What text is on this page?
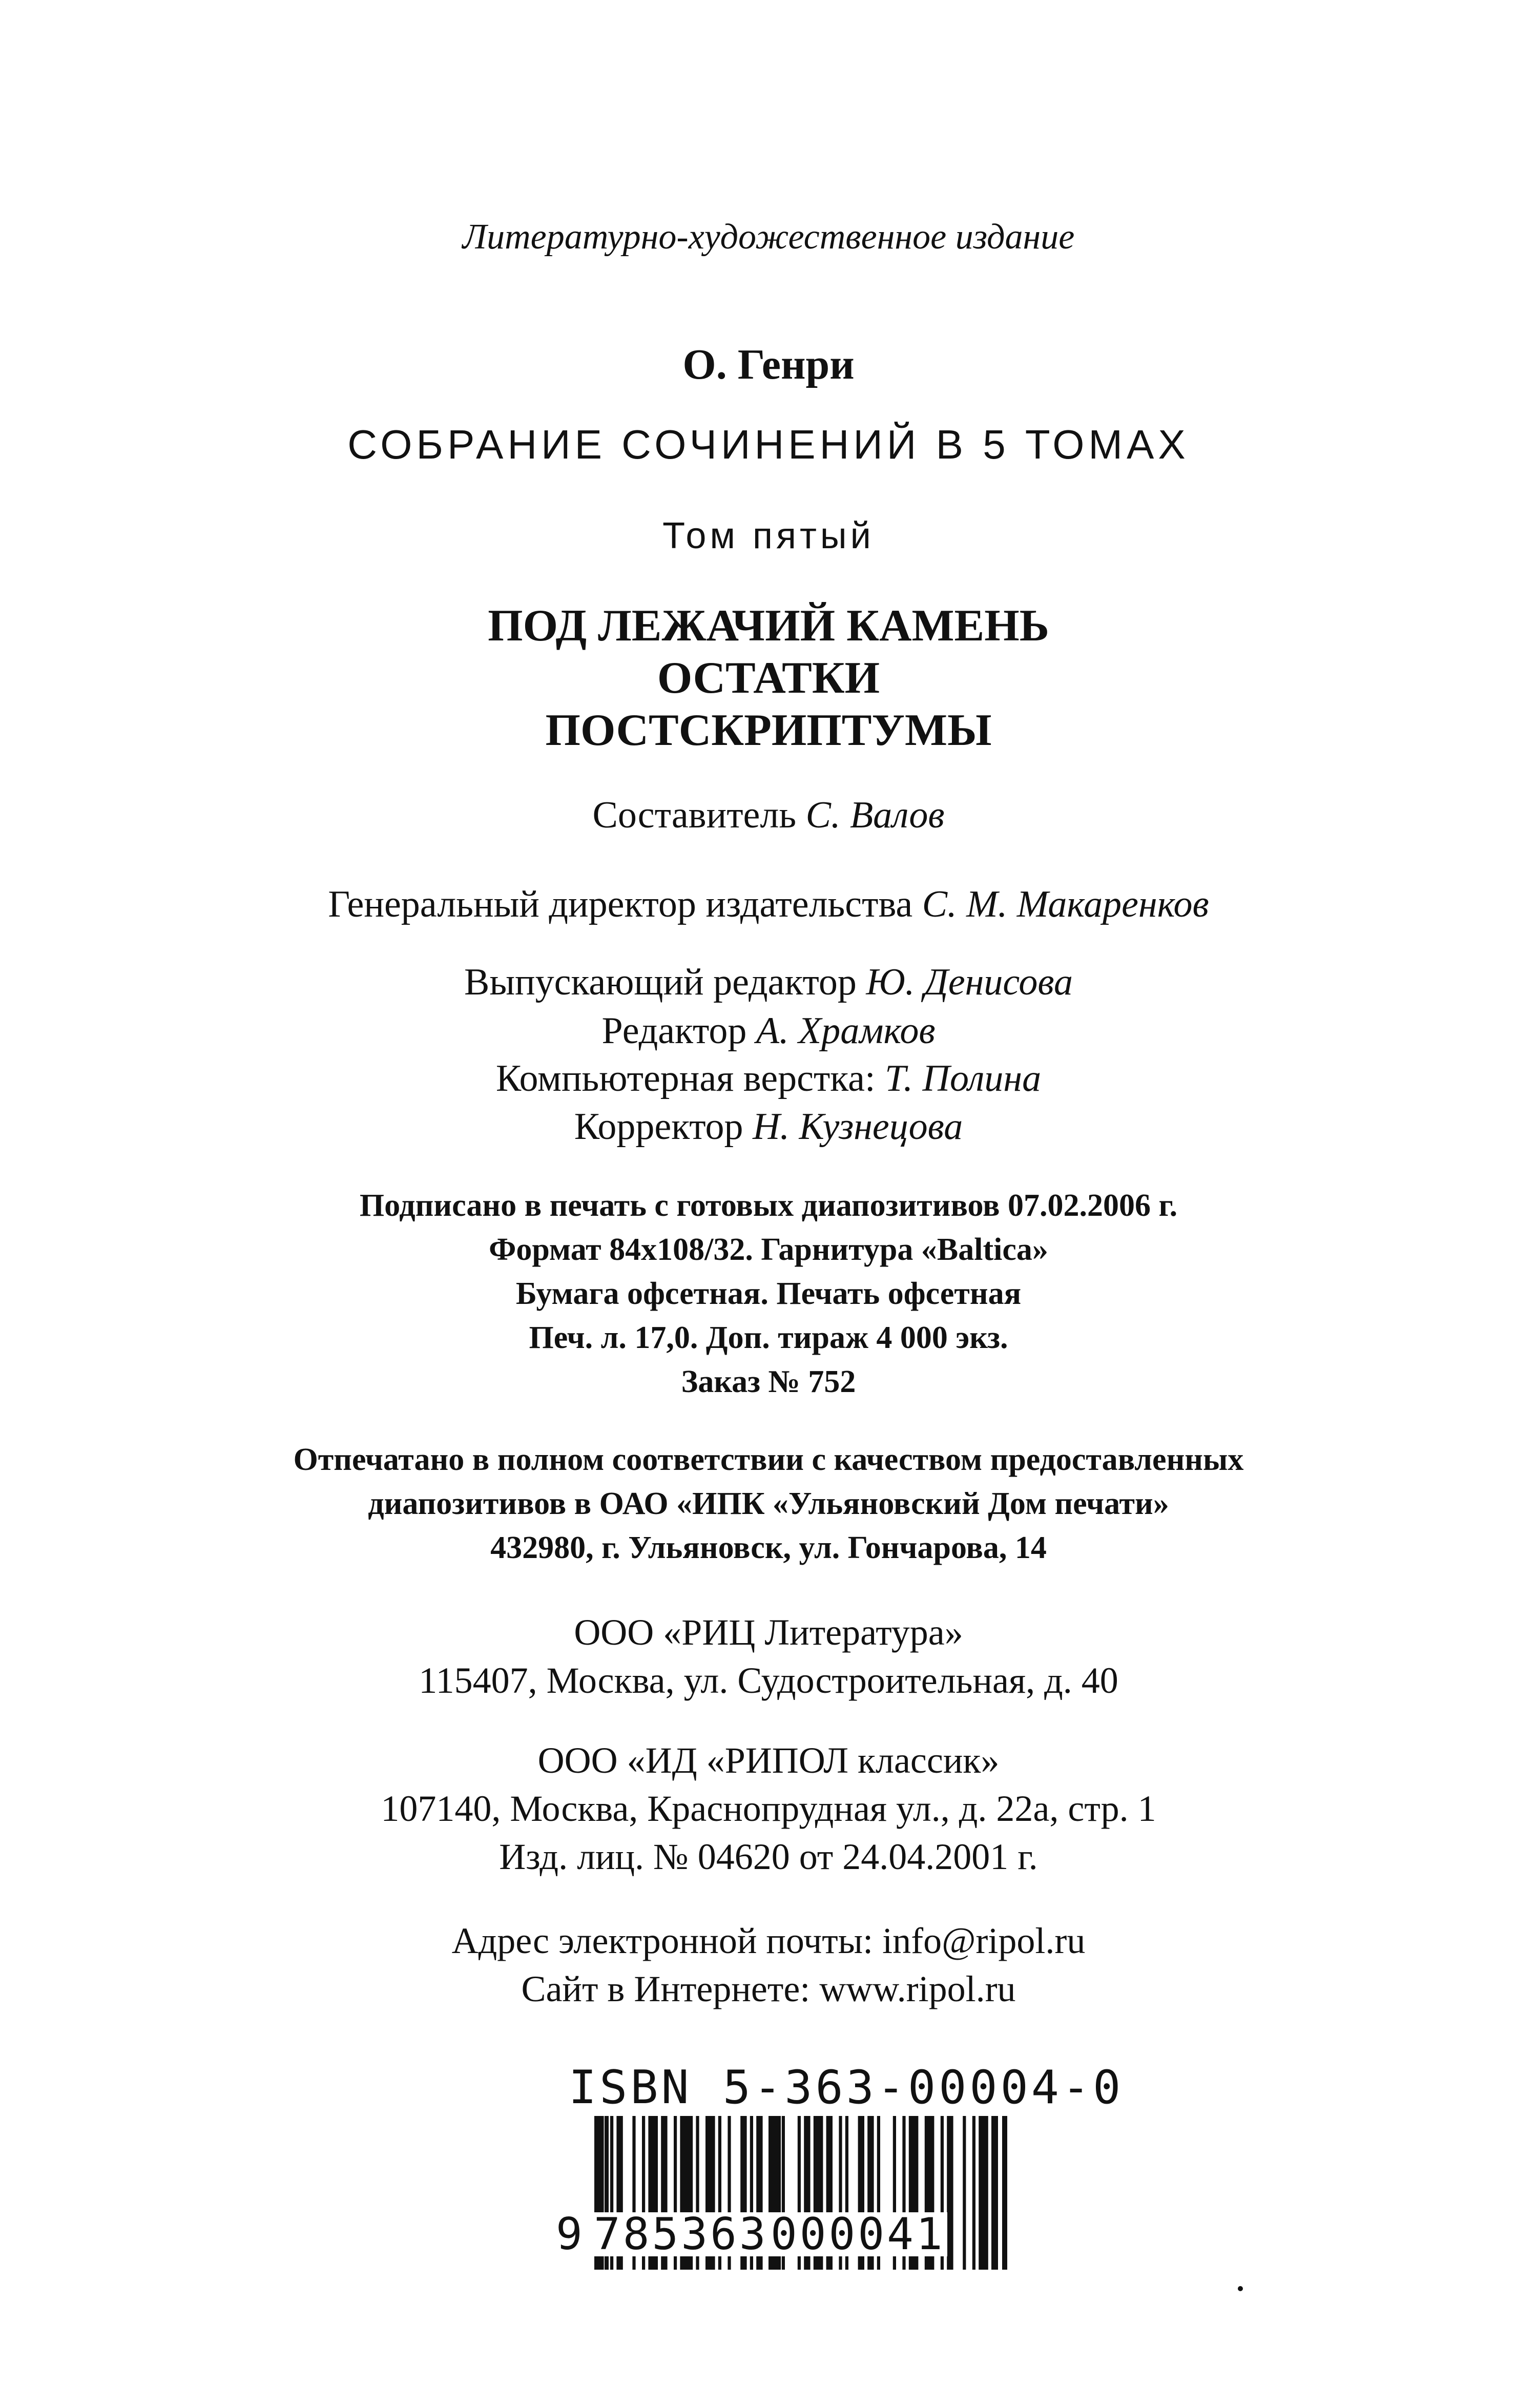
Литературно-художественное издание
О. Генри
СОБРАНИЕ СОЧИНЕНИЙ В 5 ТОМАХ
Том пятый
ПОД ЛЕЖАЧИЙ КАМЕНЬ
ОСТАТКИ
ПОСТСКРИПТУМЫ
Составитель С. Валов
Генеральный директор издательства С. М. Макаренков
Выпускающий редактор Ю. Денисова
Редактор А. Храмков
Компьютерная верстка: Т. Полина
Корректор Н. Кузнецова
Подписано в печать с готовых диапозитивов 07.02.2006 г.
Формат 84x108/32. Гарнитура «Baltica»
Бумага офсетная. Печать офсетная
Печ. л. 17,0. Доп. тираж 4 000 экз.
Заказ № 752
Отпечатано в полном соответствии с качеством предоставленных
диапозитивов в ОАО «ИПК «Ульяновский Дом печати»
432980, г. Ульяновск, ул. Гончарова, 14
ООО «РИЦ Литература»
115407, Москва, ул. Судостроительная, д. 40
ООО «ИД «РИПОЛ классик»
107140, Москва, Краснопрудная ул., д. 22а, стр. 1
Изд. лиц. № 04620 от 24.04.2001 г.
Адрес электронной почты: info@ripol.ru
Сайт в Интернете: www.ripol.ru
ISBN 5-363-00004-0
9 785363 000041
